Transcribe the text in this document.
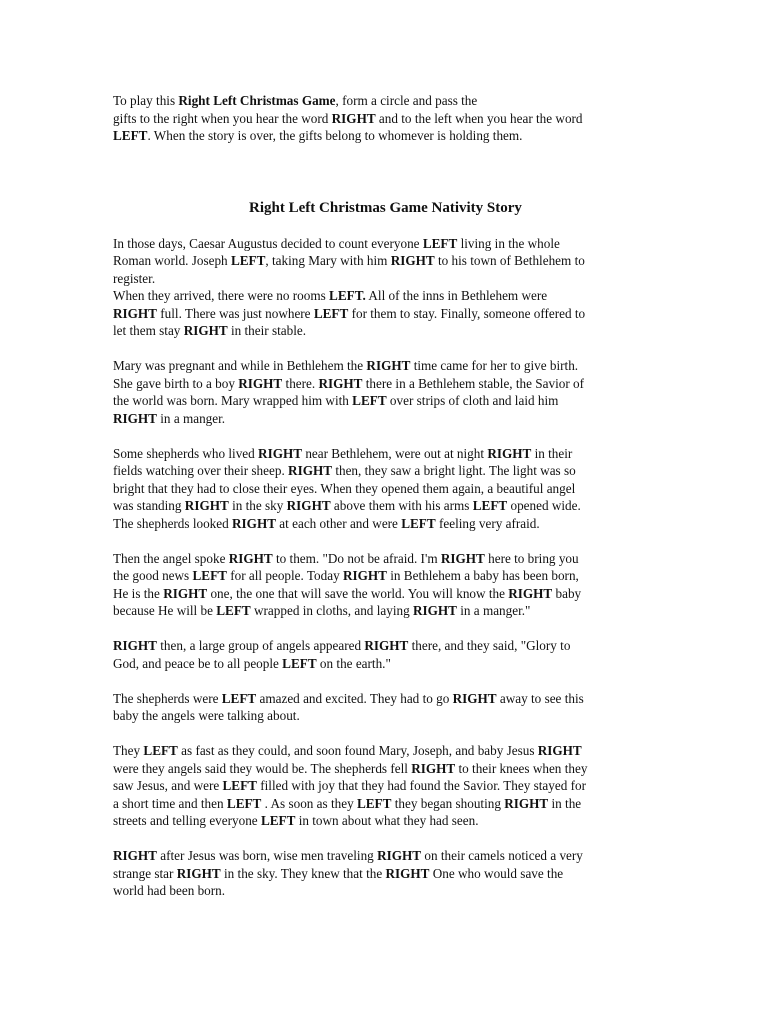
To play this Right Left Christmas Game, form a circle and pass the
gifts to the right when you hear the word RIGHT and to the left when you hear the word
LEFT. When the story is over, the gifts belong to whomever is holding them.
Right Left Christmas Game Nativity Story
In those days, Caesar Augustus decided to count everyone LEFT living in the whole
Roman world. Joseph LEFT, taking Mary with him RIGHT to his town of Bethlehem to
register.
When they arrived, there were no rooms LEFT. All of the inns in Bethlehem were
RIGHT full. There was just nowhere LEFT for them to stay. Finally, someone offered to
let them stay RIGHT in their stable.
Mary was pregnant and while in Bethlehem the RIGHT time came for her to give birth.
She gave birth to a boy RIGHT there. RIGHT there in a Bethlehem stable, the Savior of
the world was born. Mary wrapped him with LEFT over strips of cloth and laid him
RIGHT in a manger.
Some shepherds who lived RIGHT near Bethlehem, were out at night RIGHT in their
fields watching over their sheep. RIGHT then, they saw a bright light. The light was so
bright that they had to close their eyes. When they opened them again, a beautiful angel
was standing RIGHT in the sky RIGHT above them with his arms LEFT opened wide.
The shepherds looked RIGHT at each other and were LEFT feeling very afraid.
Then the angel spoke RIGHT to them. "Do not be afraid. I'm RIGHT here to bring you
the good news LEFT for all people. Today RIGHT in Bethlehem a baby has been born,
He is the RIGHT one, the one that will save the world. You will know the RIGHT baby
because He will be LEFT wrapped in cloths, and laying RIGHT in a manger."
RIGHT then, a large group of angels appeared RIGHT there, and they said, "Glory to
God, and peace be to all people LEFT on the earth."
The shepherds were LEFT amazed and excited. They had to go RIGHT away to see this
baby the angels were talking about.
They LEFT as fast as they could, and soon found Mary, Joseph, and baby Jesus RIGHT
were they angels said they would be. The shepherds fell RIGHT to their knees when they
saw Jesus, and were LEFT filled with joy that they had found the Savior. They stayed for
a short time and then LEFT . As soon as they LEFT they began shouting RIGHT in the
streets and telling everyone LEFT in town about what they had seen.
RIGHT after Jesus was born, wise men traveling RIGHT on their camels noticed a very
strange star RIGHT in the sky. They knew that the RIGHT One who would save the
world had been born.
